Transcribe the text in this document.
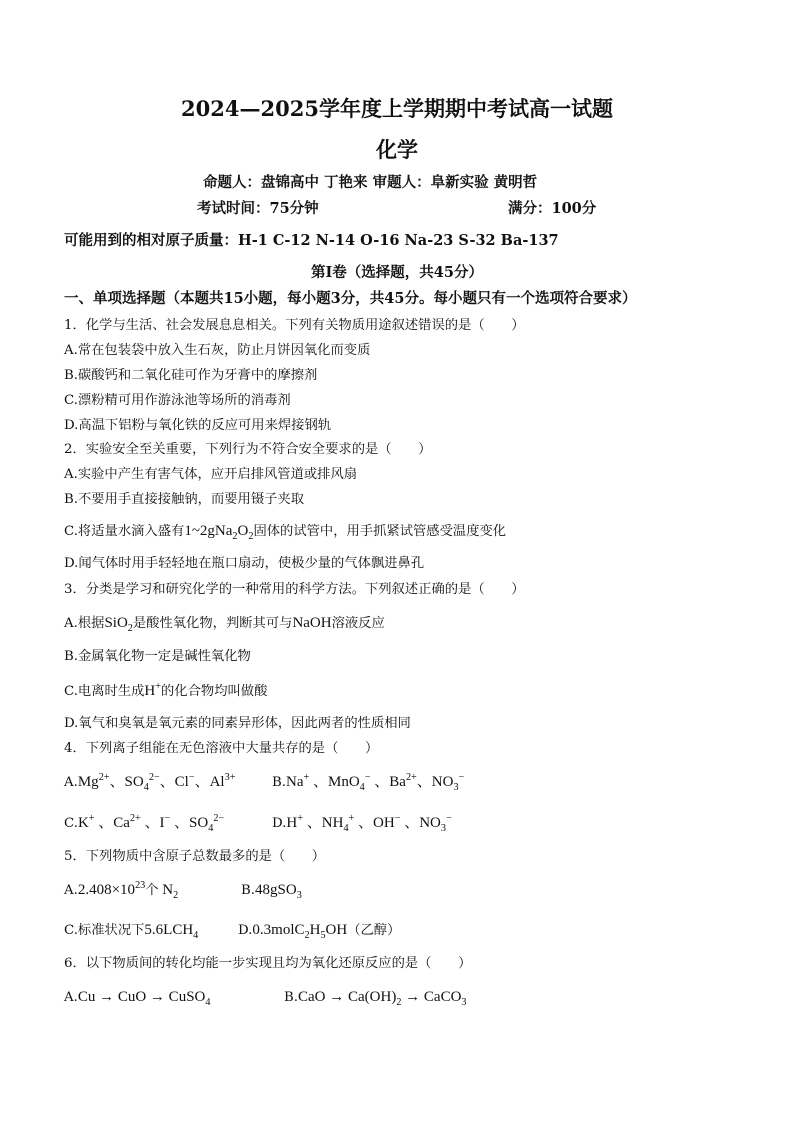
2024—2025学年度上学期期中考试高一试题
化学
命题人：盘锦高中 丁艳来 审题人：阜新实验 黄明哲
考试时间：75分钟	满分：100分
可能用到的相对原子质量：H-1 C-12 N-14 O-16 Na-23 S-32 Ba-137
第Ⅰ卷（选择题，共45分）
一、单项选择题（本题共15小题，每小题3分，共45分。每小题只有一个选项符合要求）
1．化学与生活、社会发展息息相关。下列有关物质用途叙述错误的是（　　）
A.常在包装袋中放入生石灰，防止月饼因氧化而变质
B.碳酸钙和二氧化硅可作为牙膏中的摩擦剂
C.漂粉精可用作游泳池等场所的消毒剂
D.高温下铝粉与氧化铁的反应可用来焊接钢轨
2．实验安全至关重要，下列行为不符合安全要求的是（　　）
A.实验中产生有害气体，应开启排风管道或排风扇
B.不要用手直接接触钠，而要用镊子夹取
C.将适量水滴入盛有$1\sim 2gNa_2O_2$固体的试管中，用手抓紧试管感受温度变化
D.闻气体时用手轻轻地在瓶口扇动，使极少量的气体飘进鼻孔
3．分类是学习和研究化学的一种常用的科学方法。下列叙述正确的是（　　）
A.根据SiO$_2$是酸性氧化物，判断其可与NaOH溶液反应
B.金属氧化物一定是碱性氧化物
C.电离时生成H+的化合物均叫做酸
D.氧气和臭氧是氧元素的同素异形体，因此两者的性质相同
4．下列离子组能在无色溶液中大量共存的是（　　）
$A.Mg^{2+}$、$SO_4^{2-}$、Cl−、$Al^{3+}$	B.Na+ 、MnO$_4$− 、$Ba^{2+}$、$NO_3^-$
C.K+ 、$Ca^{2+}$ 、I− 、$SO_4^{2-}$	D.H+ 、$NH_4^+$ 、OH− 、$NO_3^-$
5．下列物质中含原子总数最多的是（　　）
$A.2.408\times 10^{23}$个 $N_2$	B.48gSO$_3$
C.标准状况下$5.6LCH_4$	$D.0.3molC_2H_5OH$（乙醇）
6．以下物质间的转化均能一步实现且均为氧化还原反应的是（　　）
A.Cu → CuO → CuSO$_4$	$B.CaO \to Ca(OH)_2$ → CaCO$_3$
